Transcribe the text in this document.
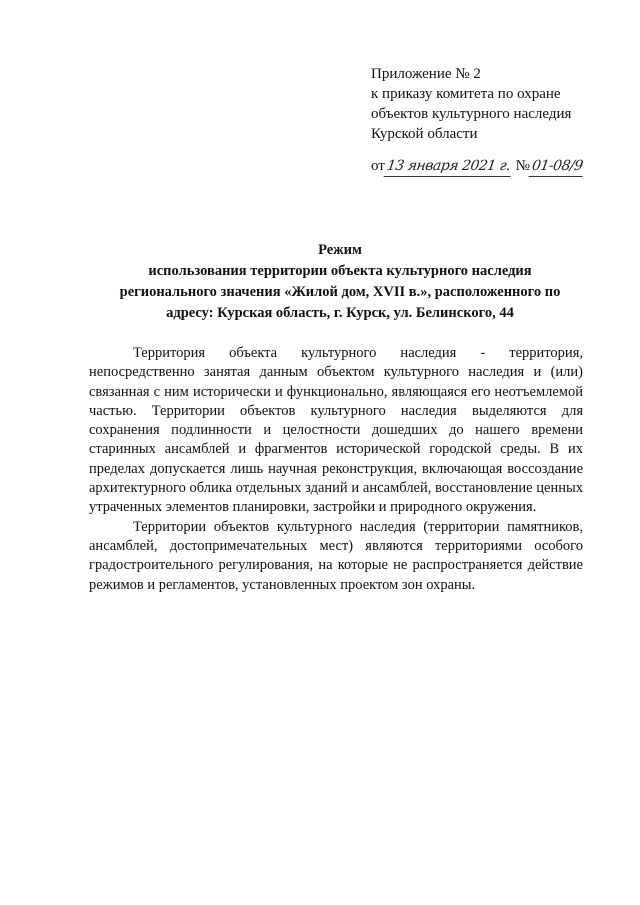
Приложение № 2
к приказу комитета по охране
объектов культурного наследия
Курской области
от13 января 2021 г. №01-08/9
Режим
использования территории объекта культурного наследия
регионального значения «Жилой дом, XVII в.», расположенного по
адресу: Курская область, г. Курск, ул. Белинского, 44

Территория объекта культурного наследия - территория, непосредственно занятая данным объектом культурного наследия и (или) связанная с ним исторически и функционально, являющаяся его неотъемлемой частью. Территории объектов культурного наследия выделяются для сохранения подлинности и целостности дошедших до нашего времени старинных ансамблей и фрагментов исторической городской среды. В их пределах допускается лишь научная реконструкция, включающая воссоздание архитектурного облика отдельных зданий и ансамблей, восстановление ценных утраченных элементов планировки, застройки и природного окружения.

Территории объектов культурного наследия (территории памятников, ансамблей, достопримечательных мест) являются территориями особого градостроительного регулирования, на которые не распространяется действие режимов и регламентов, установленных проектом зон охраны.
